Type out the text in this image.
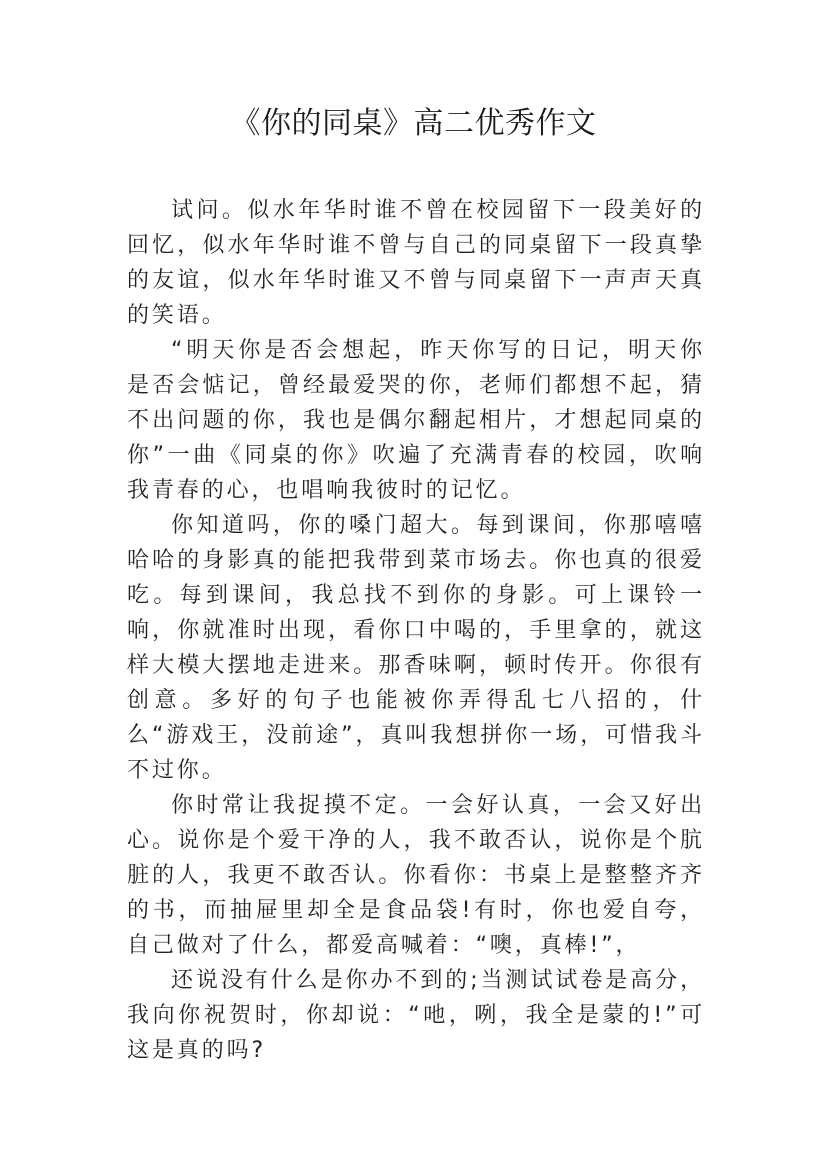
《你的同桌》高二优秀作文

试问。似水年华时谁不曾在校园留下一段美好的回忆，似水年华时谁不曾与自己的同桌留下一段真挚的友谊，似水年华时谁又不曾与同桌留下一声声天真的笑语。

“明天你是否会想起，昨天你写的日记，明天你是否会惦记，曾经最爱哭的你，老师们都想不起，猜不出问题的你，我也是偶尔翻起相片，才想起同桌的你”一曲《同桌的你》吹遍了充满青春的校园，吹响我青春的心，也唱响我彼时的记忆。

你知道吗，你的嗓门超大。每到课间，你那嘻嘻哈哈的身影真的能把我带到菜市场去。你也真的很爱吃。每到课间，我总找不到你的身影。可上课铃一响，你就准时出现，看你口中喝的，手里拿的，就这样大模大摆地走进来。那香味啊，顿时传开。你很有创意。多好的句子也能被你弄得乱七八招的，什么“游戏王，没前途”，真叫我想拼你一场，可惜我斗不过你。

你时常让我捉摸不定。一会好认真，一会又好出心。说你是个爱干净的人，我不敢否认，说你是个肮脏的人，我更不敢否认。你看你：书桌上是整整齐齐的书，而抽屉里却全是食品袋!有时，你也爱自夸，自己做对了什么，都爱高喊着：“噢，真棒!”，

还说没有什么是你办不到的;当测试试卷是高分，我向你祝贺时，你却说：“吔，咧，我全是蒙的!”可这是真的吗?
